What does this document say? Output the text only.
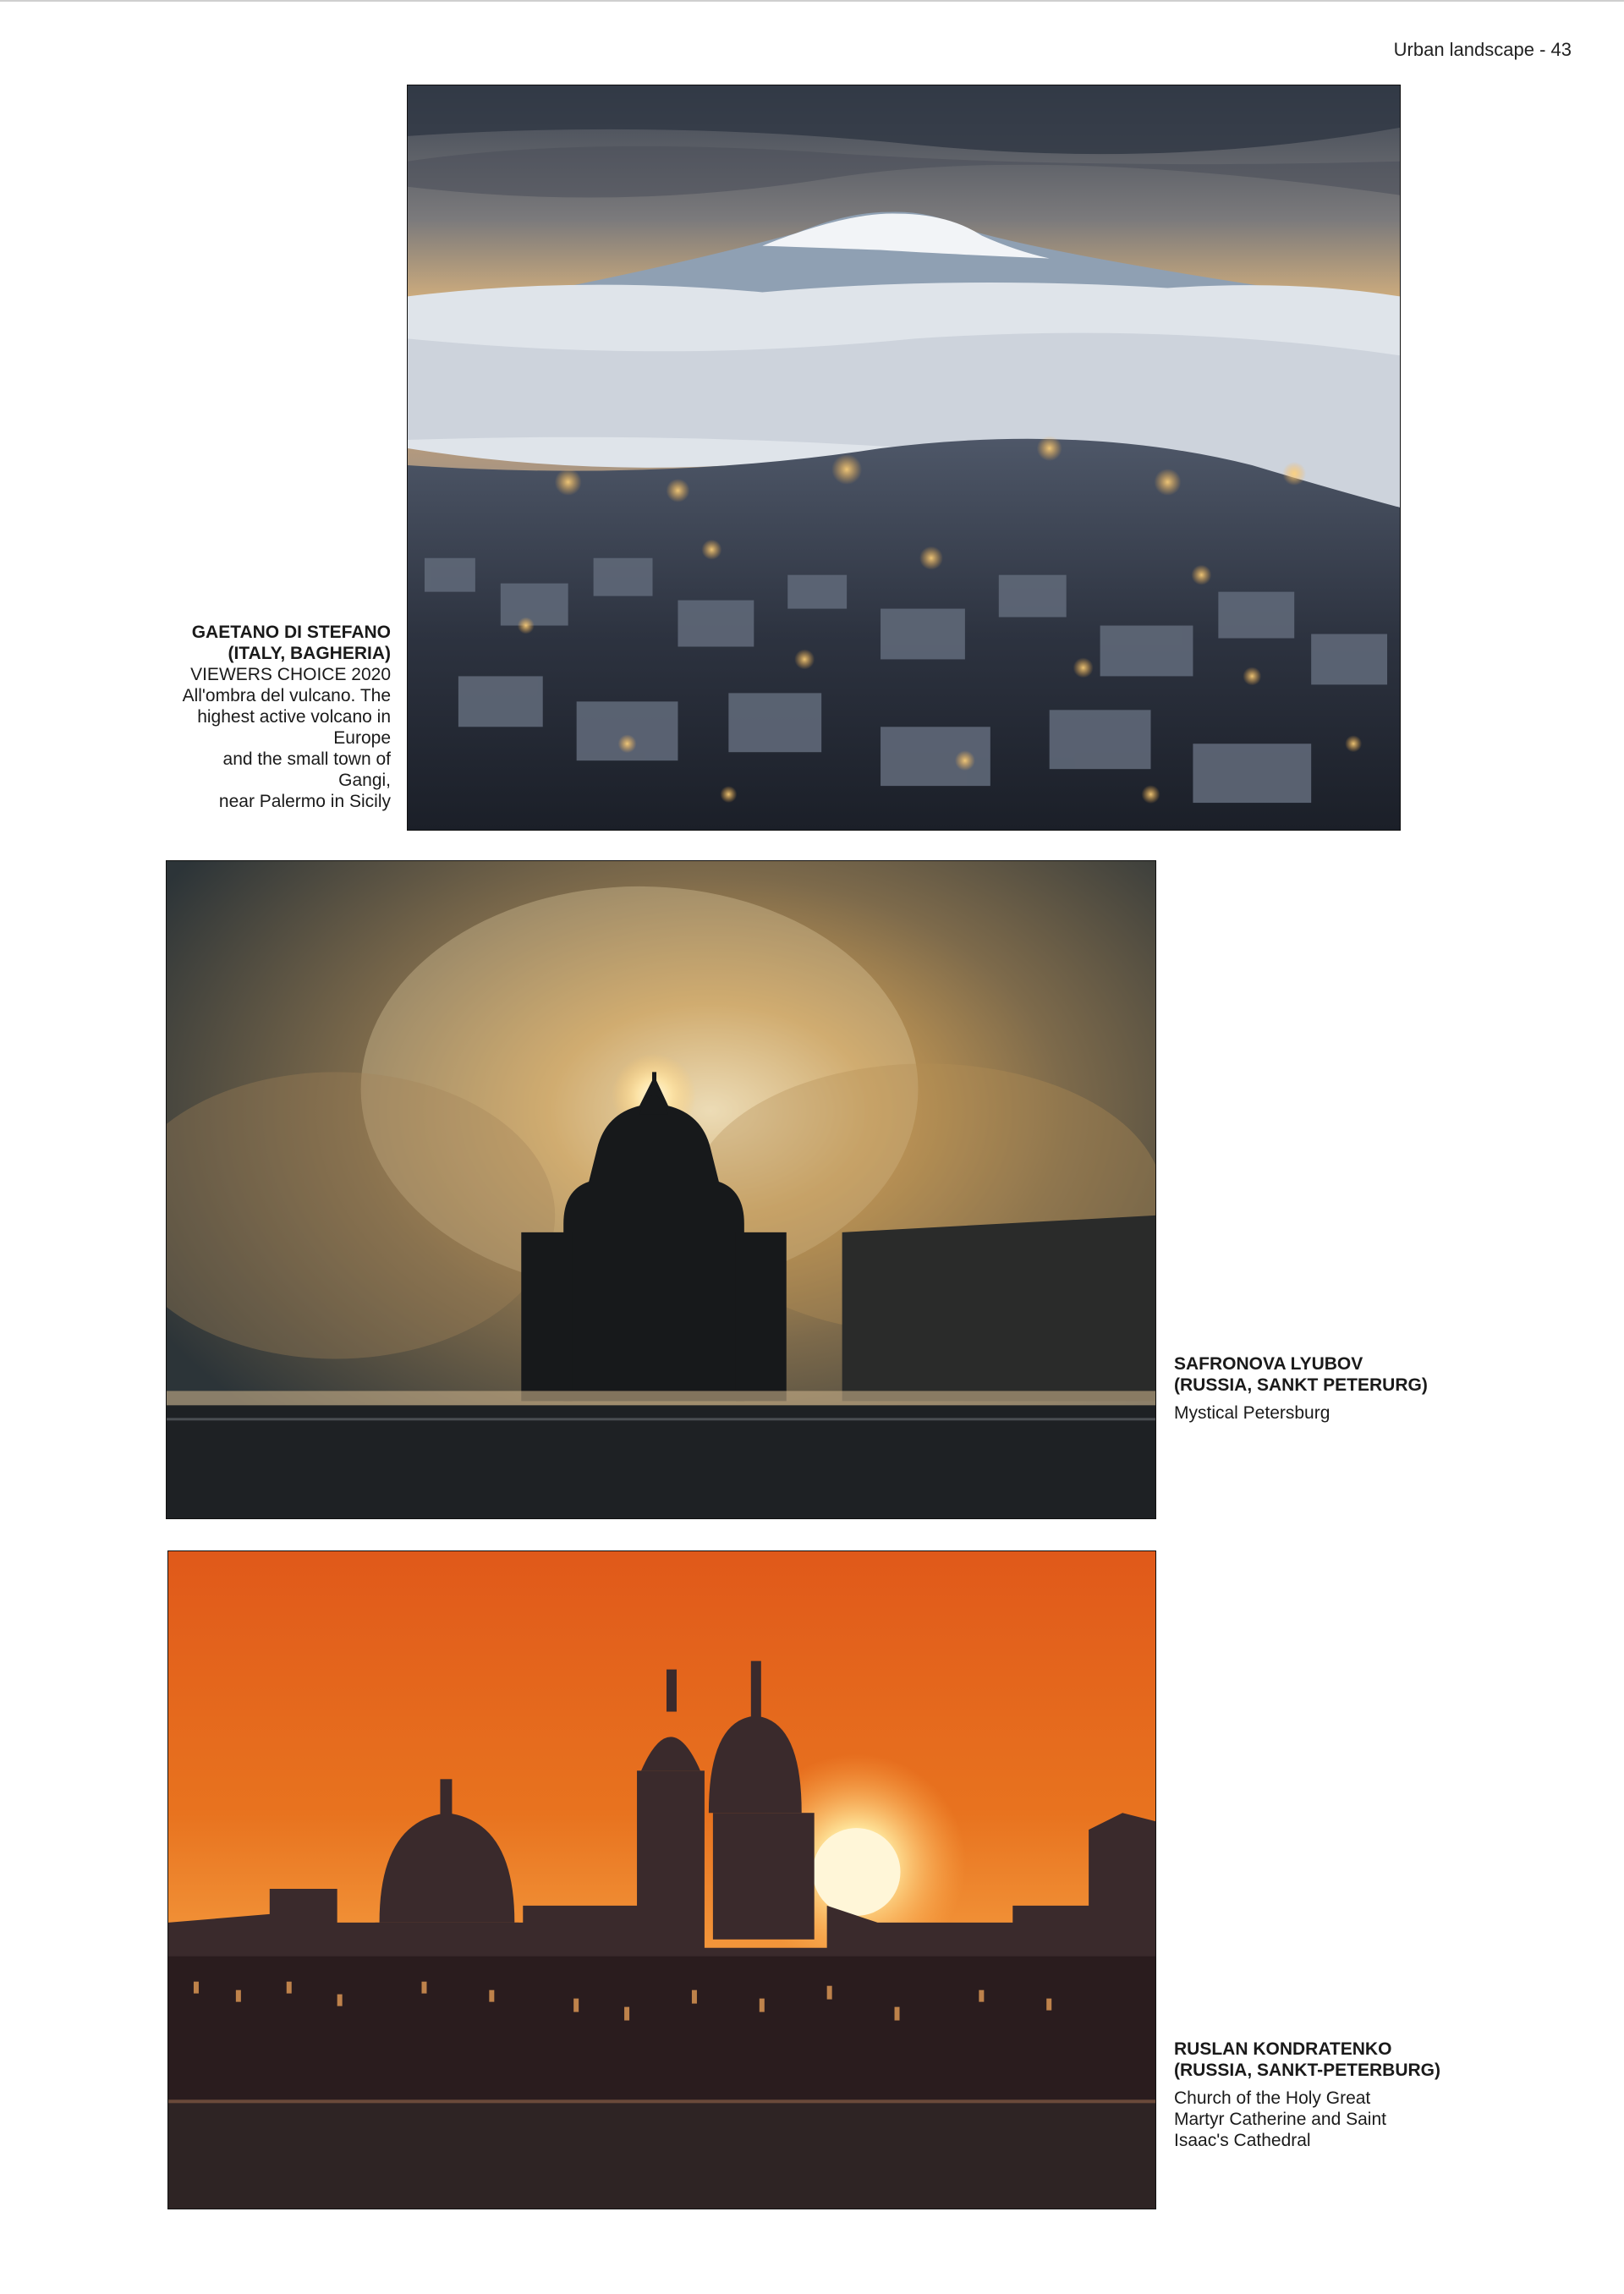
Urban landscape - 43
GAETANO DI STEFANO
(ITALY, BAGHERIA)
VIEWERS CHOICE 2020
All'ombra del vulcano. The
highest active volcano in Europe
and the small town of Gangi,
near Palermo in Sicily
SAFRONOVA LYUBOV
(RUSSIA, SANKT PETERURG)
Mystical Petersburg
RUSLAN KONDRATENKO
(RUSSIA, SANKT-PETERBURG)
Church of the Holy Great
Martyr Catherine and Saint
Isaac's Cathedral
